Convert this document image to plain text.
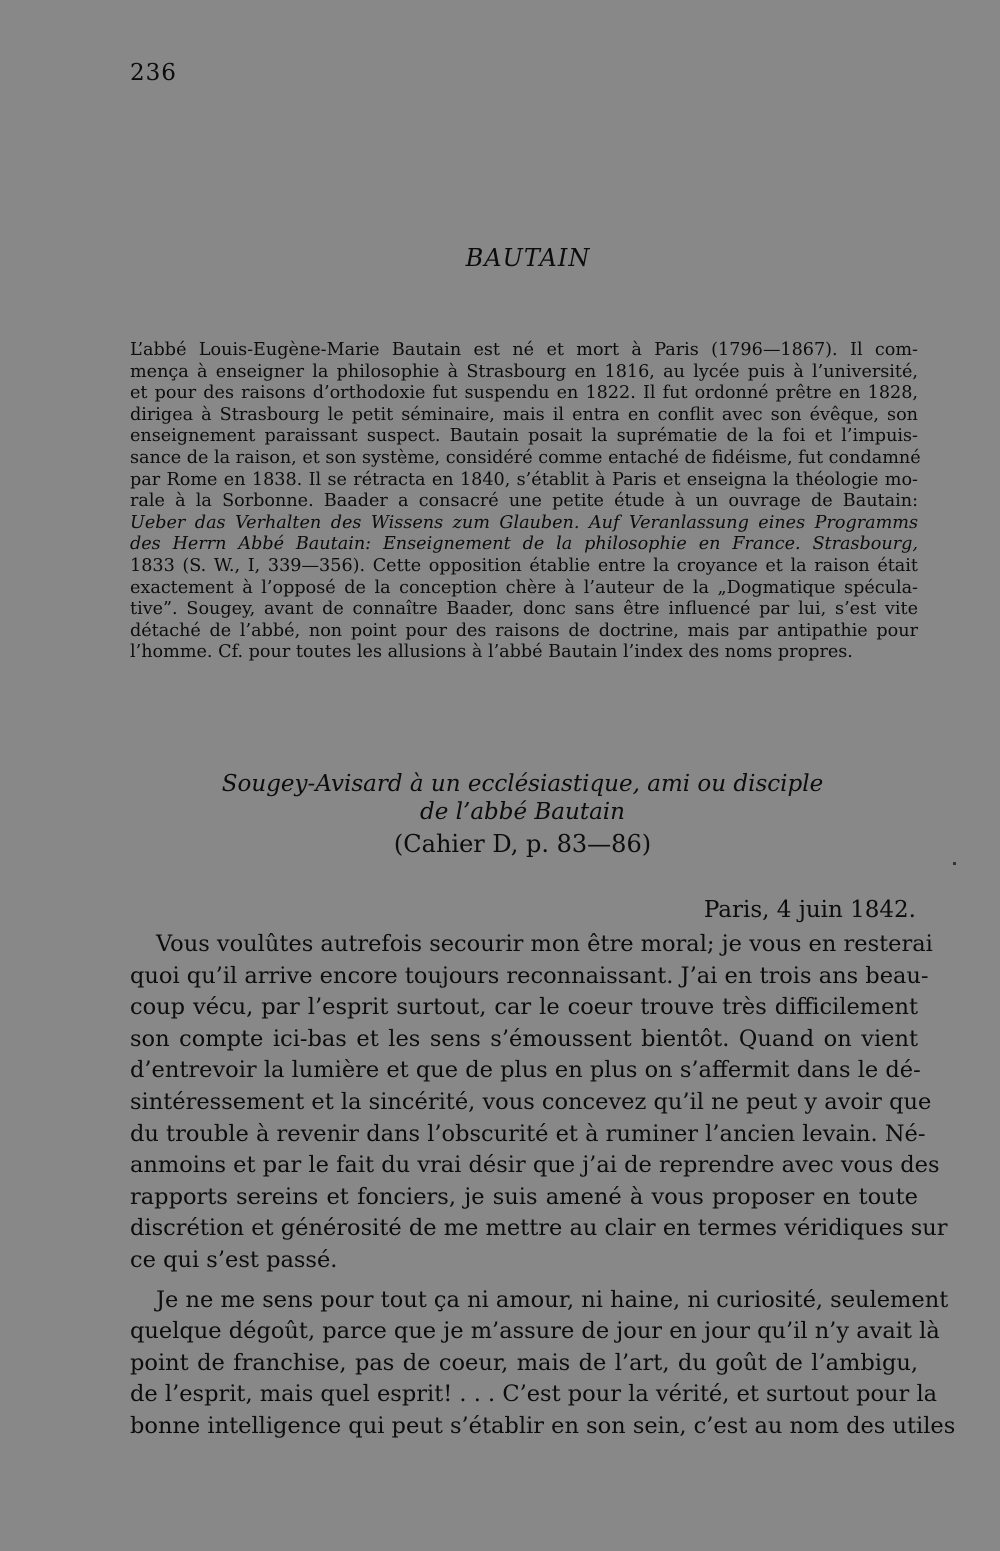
236
BAUTAIN
L’abbé Louis-Eugène-Marie Bautain est né et mort à Paris (1796—1867). Il com-
mença à enseigner la philosophie à Strasbourg en 1816, au lycée puis à l’université,
et pour des raisons d’orthodoxie fut suspendu en 1822. Il fut ordonné prêtre en 1828,
dirigea à Strasbourg le petit séminaire, mais il entra en conflit avec son évêque, son
enseignement paraissant suspect. Bautain posait la suprématie de la foi et l’impuis-
sance de la raison, et son système, considéré comme entaché de fidéisme, fut condamné
par Rome en 1838. Il se rétracta en 1840, s’établit à Paris et enseigna la théologie mo-
rale à la Sorbonne. Baader a consacré une petite étude à un ouvrage de Bautain:
Ueber das Verhalten des Wissens zum Glauben. Auf Veranlassung eines Programms
des Herrn Abbé Bautain: Enseignement de la philosophie en France. Strasbourg,
1833 (S. W., I, 339—356). Cette opposition établie entre la croyance et la raison était
exactement à l’opposé de la conception chère à l’auteur de la „Dogmatique spécula-
tive”. Sougey, avant de connaître Baader, donc sans être influencé par lui, s’est vite
détaché de l’abbé, non point pour des raisons de doctrine, mais par antipathie pour
l’homme. Cf. pour toutes les allusions à l’abbé Bautain l’index des noms propres.
Sougey-Avisard à un ecclésiastique, ami ou disciple
de l’abbé Bautain
(Cahier D, p. 83—86)
Paris, 4 juin 1842.
Vous voulûtes autrefois secourir mon être moral; je vous en resterai
quoi qu’il arrive encore toujours reconnaissant. J’ai en trois ans beau-
coup vécu, par l’esprit surtout, car le coeur trouve très difficilement
son compte ici-bas et les sens s’émoussent bientôt. Quand on vient
d’entrevoir la lumière et que de plus en plus on s’affermit dans le dé-
sintéressement et la sincérité, vous concevez qu’il ne peut y avoir que
du trouble à revenir dans l’obscurité et à ruminer l’ancien levain. Né-
anmoins et par le fait du vrai désir que j’ai de reprendre avec vous des
rapports sereins et fonciers, je suis amené à vous proposer en toute
discrétion et générosité de me mettre au clair en termes véridiques sur
ce qui s’est passé.
Je ne me sens pour tout ça ni amour, ni haine, ni curiosité, seulement
quelque dégoût, parce que je m’assure de jour en jour qu’il n’y avait là
point de franchise, pas de coeur, mais de l’art, du goût de l’ambigu,
de l’esprit, mais quel esprit! . . . C’est pour la vérité, et surtout pour la
bonne intelligence qui peut s’établir en son sein, c’est au nom des utiles
